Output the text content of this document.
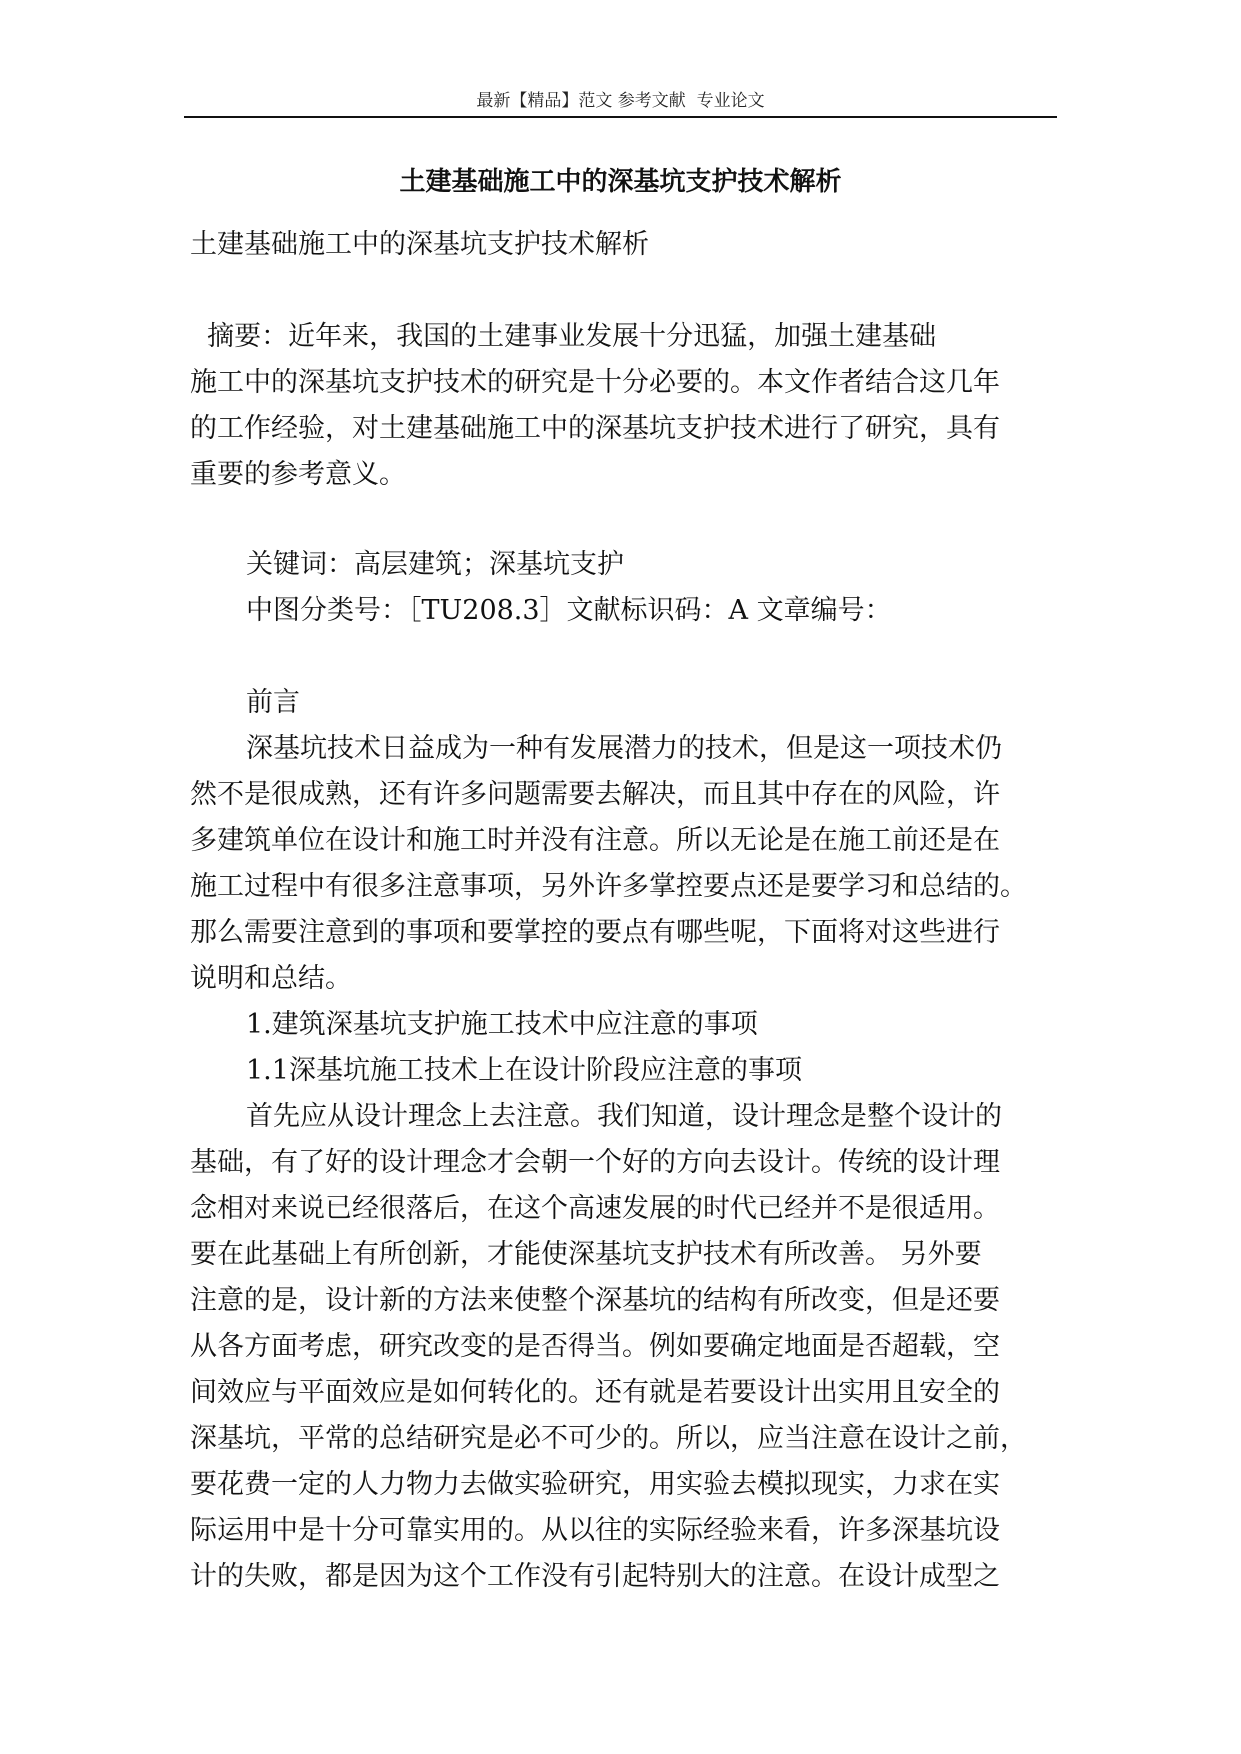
最新【精品】范文 参考文献  专业论文
土建基础施工中的深基坑支护技术解析

土建基础施工中的深基坑支护技术解析

摘要：近年来，我国的土建事业发展十分迅猛，加强土建基础

施工中的深基坑支护技术的研究是十分必要的。本文作者结合这几年

的工作经验，对土建基础施工中的深基坑支护技术进行了研究，具有

重要的参考意义。

关键词：高层建筑；深基坑支护

中图分类号：［TU208.3］文献标识码：A 文章编号：

前言

深基坑技术日益成为一种有发展潜力的技术，但是这一项技术仍

然不是很成熟，还有许多问题需要去解决，而且其中存在的风险，许

多建筑单位在设计和施工时并没有注意。所以无论是在施工前还是在

施工过程中有很多注意事项，另外许多掌控要点还是要学习和总结的。

那么需要注意到的事项和要掌控的要点有哪些呢，下面将对这些进行

说明和总结。

1.建筑深基坑支护施工技术中应注意的事项

1.1深基坑施工技术上在设计阶段应注意的事项

首先应从设计理念上去注意。我们知道，设计理念是整个设计的

基础，有了好的设计理念才会朝一个好的方向去设计。传统的设计理

念相对来说已经很落后，在这个高速发展的时代已经并不是很适用。

要在此基础上有所创新，才能使深基坑支护技术有所改善。 另外要

注意的是，设计新的方法来使整个深基坑的结构有所改变，但是还要

从各方面考虑，研究改变的是否得当。例如要确定地面是否超载，空

间效应与平面效应是如何转化的。还有就是若要设计出实用且安全的

深基坑，平常的总结研究是必不可少的。所以，应当注意在设计之前，

要花费一定的人力物力去做实验研究，用实验去模拟现实，力求在实

际运用中是十分可靠实用的。从以往的实际经验来看，许多深基坑设

计的失败，都是因为这个工作没有引起特别大的注意。在设计成型之
